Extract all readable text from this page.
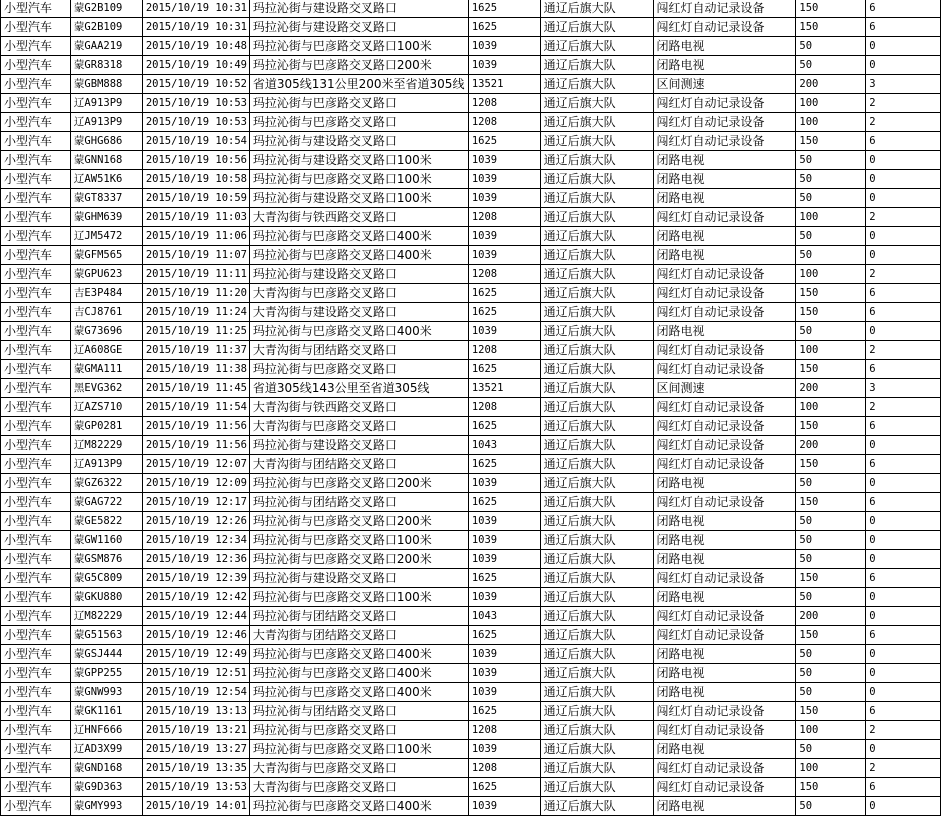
小型汽车	蒙G2B109	2015/10/19 10:31	玛拉沁街与建设路交叉路口	1625	通辽后旗大队	闯红灯自动记录设备	150	6
小型汽车	蒙G2B109	2015/10/19 10:31	玛拉沁街与建设路交叉路口	1625	通辽后旗大队	闯红灯自动记录设备	150	6
小型汽车	蒙GAA219	2015/10/19 10:48	玛拉沁街与巴彦路交叉路口100米	1039	通辽后旗大队	闭路电视	50	0
小型汽车	蒙GR8318	2015/10/19 10:49	玛拉沁街与巴彦路交叉路口200米	1039	通辽后旗大队	闭路电视	50	0
小型汽车	蒙GBM888	2015/10/19 10:52	省道305线131公里200米至省道305线	13521	通辽后旗大队	区间测速	200	3
小型汽车	辽A913P9	2015/10/19 10:53	玛拉沁街与巴彦路交叉路口	1208	通辽后旗大队	闯红灯自动记录设备	100	2
小型汽车	辽A913P9	2015/10/19 10:53	玛拉沁街与巴彦路交叉路口	1208	通辽后旗大队	闯红灯自动记录设备	100	2
小型汽车	蒙GHG686	2015/10/19 10:54	玛拉沁街与建设路交叉路口	1625	通辽后旗大队	闯红灯自动记录设备	150	6
小型汽车	蒙GNN168	2015/10/19 10:56	玛拉沁街与建设路交叉路口100米	1039	通辽后旗大队	闭路电视	50	0
小型汽车	辽AW51K6	2015/10/19 10:58	玛拉沁街与巴彦路交叉路口100米	1039	通辽后旗大队	闭路电视	50	0
小型汽车	蒙GT8337	2015/10/19 10:59	玛拉沁街与建设路交叉路口100米	1039	通辽后旗大队	闭路电视	50	0
小型汽车	蒙GHM639	2015/10/19 11:03	大青沟街与铁西路交叉路口	1208	通辽后旗大队	闯红灯自动记录设备	100	2
小型汽车	辽JM5472	2015/10/19 11:06	玛拉沁街与巴彦路交叉路口400米	1039	通辽后旗大队	闭路电视	50	0
小型汽车	蒙GFM565	2015/10/19 11:07	玛拉沁街与巴彦路交叉路口400米	1039	通辽后旗大队	闭路电视	50	0
小型汽车	蒙GPU623	2015/10/19 11:11	玛拉沁街与建设路交叉路口	1208	通辽后旗大队	闯红灯自动记录设备	100	2
小型汽车	吉E3P484	2015/10/19 11:20	大青沟街与巴彦路交叉路口	1625	通辽后旗大队	闯红灯自动记录设备	150	6
小型汽车	吉CJ8761	2015/10/19 11:24	大青沟街与建设路交叉路口	1625	通辽后旗大队	闯红灯自动记录设备	150	6
小型汽车	蒙G73696	2015/10/19 11:25	玛拉沁街与巴彦路交叉路口400米	1039	通辽后旗大队	闭路电视	50	0
小型汽车	辽A608GE	2015/10/19 11:37	大青沟街与团结路交叉路口	1208	通辽后旗大队	闯红灯自动记录设备	100	2
小型汽车	蒙GMA111	2015/10/19 11:38	玛拉沁街与巴彦路交叉路口	1625	通辽后旗大队	闯红灯自动记录设备	150	6
小型汽车	黑EVG362	2015/10/19 11:45	省道305线143公里至省道305线	13521	通辽后旗大队	区间测速	200	3
小型汽车	辽AZS710	2015/10/19 11:54	大青沟街与铁西路交叉路口	1208	通辽后旗大队	闯红灯自动记录设备	100	2
小型汽车	蒙GP0281	2015/10/19 11:56	大青沟街与巴彦路交叉路口	1625	通辽后旗大队	闯红灯自动记录设备	150	6
小型汽车	辽M82229	2015/10/19 11:56	玛拉沁街与建设路交叉路口	1043	通辽后旗大队	闯红灯自动记录设备	200	0
小型汽车	辽A913P9	2015/10/19 12:07	大青沟街与团结路交叉路口	1625	通辽后旗大队	闯红灯自动记录设备	150	6
小型汽车	蒙GZ6322	2015/10/19 12:09	玛拉沁街与巴彦路交叉路口200米	1039	通辽后旗大队	闭路电视	50	0
小型汽车	蒙GAG722	2015/10/19 12:17	玛拉沁街与团结路交叉路口	1625	通辽后旗大队	闯红灯自动记录设备	150	6
小型汽车	蒙GE5822	2015/10/19 12:26	玛拉沁街与巴彦路交叉路口200米	1039	通辽后旗大队	闭路电视	50	0
小型汽车	蒙GW1160	2015/10/19 12:34	玛拉沁街与巴彦路交叉路口100米	1039	通辽后旗大队	闭路电视	50	0
小型汽车	蒙GSM876	2015/10/19 12:36	玛拉沁街与巴彦路交叉路口200米	1039	通辽后旗大队	闭路电视	50	0
小型汽车	蒙G5C809	2015/10/19 12:39	玛拉沁街与建设路交叉路口	1625	通辽后旗大队	闯红灯自动记录设备	150	6
小型汽车	蒙GKU880	2015/10/19 12:42	玛拉沁街与巴彦路交叉路口100米	1039	通辽后旗大队	闭路电视	50	0
小型汽车	辽M82229	2015/10/19 12:44	玛拉沁街与团结路交叉路口	1043	通辽后旗大队	闯红灯自动记录设备	200	0
小型汽车	蒙G51563	2015/10/19 12:46	大青沟街与团结路交叉路口	1625	通辽后旗大队	闯红灯自动记录设备	150	6
小型汽车	蒙GSJ444	2015/10/19 12:49	玛拉沁街与巴彦路交叉路口400米	1039	通辽后旗大队	闭路电视	50	0
小型汽车	蒙GPP255	2015/10/19 12:51	玛拉沁街与巴彦路交叉路口400米	1039	通辽后旗大队	闭路电视	50	0
小型汽车	蒙GNW993	2015/10/19 12:54	玛拉沁街与巴彦路交叉路口400米	1039	通辽后旗大队	闭路电视	50	0
小型汽车	蒙GK1161	2015/10/19 13:13	玛拉沁街与团结路交叉路口	1625	通辽后旗大队	闯红灯自动记录设备	150	6
小型汽车	辽HNF666	2015/10/19 13:21	玛拉沁街与巴彦路交叉路口	1208	通辽后旗大队	闯红灯自动记录设备	100	2
小型汽车	辽AD3X99	2015/10/19 13:27	玛拉沁街与巴彦路交叉路口100米	1039	通辽后旗大队	闭路电视	50	0
小型汽车	蒙GND168	2015/10/19 13:35	大青沟街与巴彦路交叉路口	1208	通辽后旗大队	闯红灯自动记录设备	100	2
小型汽车	蒙G9D363	2015/10/19 13:53	大青沟街与巴彦路交叉路口	1625	通辽后旗大队	闯红灯自动记录设备	150	6
小型汽车	蒙GMY993	2015/10/19 14:01	玛拉沁街与巴彦路交叉路口400米	1039	通辽后旗大队	闭路电视	50	0
